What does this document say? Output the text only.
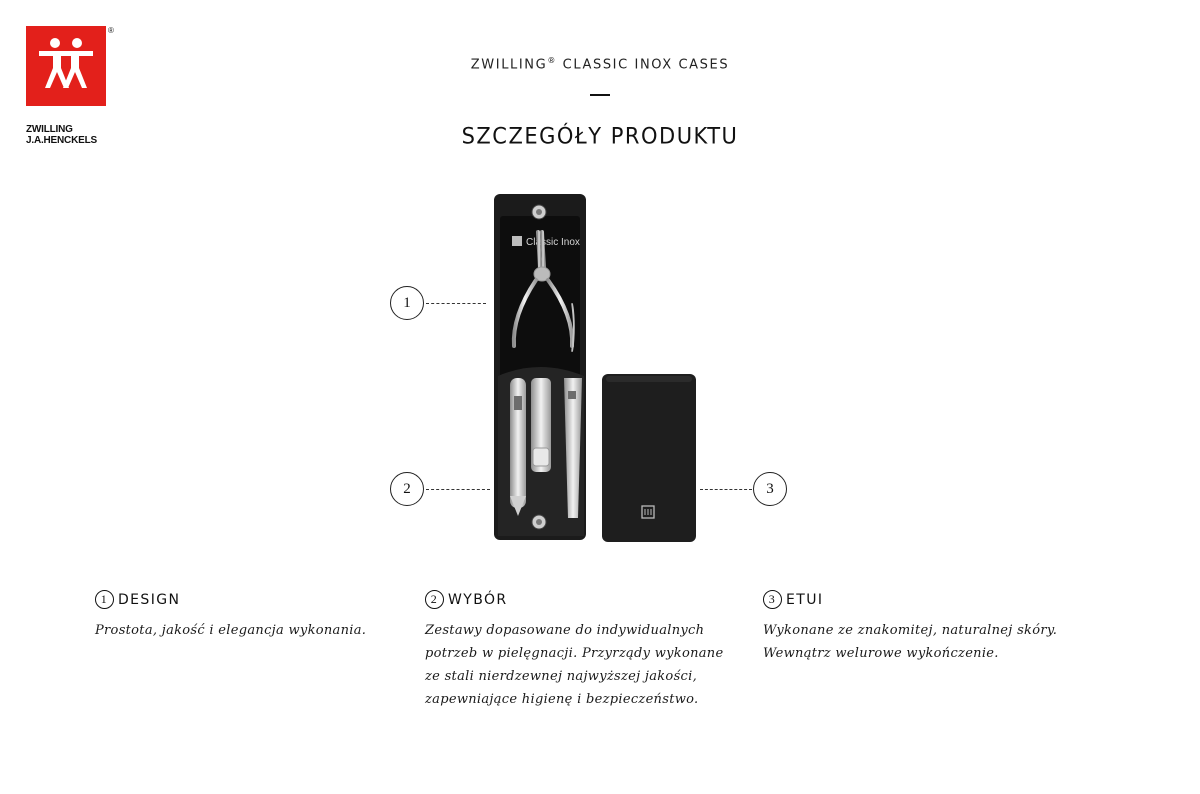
®
ZWILLING
J.A.HENCKELS
ZWILLING® CLASSIC INOX CASES
SZCZEGÓŁY PRODUKTU
1
2	3
Classic Inox
1 DESIGN
Prostota, jakość i elegancja wykonania.
2 WYBÓR
Zestawy dopasowane do indywidualnych potrzeb w pielęgnacji. Przyrządy wykonane ze stali nierdzewnej najwyższej jakości, zapewniające higienę i bezpieczeństwo.
3 ETUI
Wykonane ze znakomitej, naturalnej skóry. Wewnątrz welurowe wykończenie.
